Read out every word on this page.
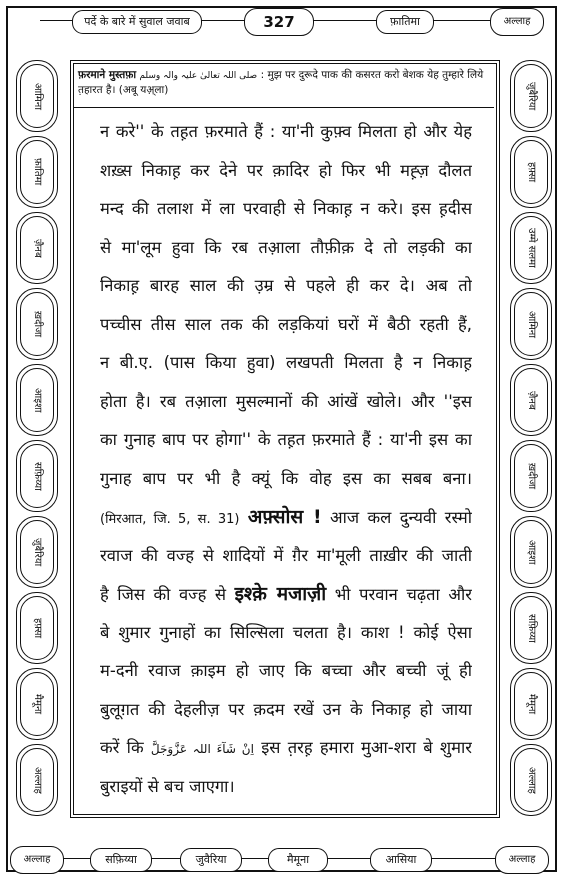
पर्दे के बारे में सुवाल जवाब	327	फ़ातिमा	अल्लाह
आमिना
फ़ातिमा
ज़ैनब
ख़दीजा
आइशा
सफ़िय्या
ज़ुबैरिया
हफ़्सा
मैमूना
अल्लाह
ज़ुबैरिया
हफ़्सा
उम्मे सलमा
आमिना
ज़ैनब
ख़दीजा
आइशा
सफ़िय्या
मैमूना
अल्लाह
फ़रमाने मुस्तफ़ा صلی اللہ تعالیٰ علیہ والہ وسلم : मुझ पर दुरूदे पाक की कसरत करो बेशक येह तुम्हारे लिये त़हारत है। (अबू यअ़्ला)
न करे'' के तह़त फ़रमाते हैं : या'नी कुफ़्व मिलता हो और येह
शख़्स निकाह़ कर देने पर क़ादिर हो फिर भी मह़्ज़ दौलत
मन्द की तलाश में ला परवाही से निकाह़ न करे। इस ह़दीस
से मा'लूम हुवा कि रब तआ़ला तौफ़ीक़ दे तो लड़की का
निकाह़ बारह साल की उ़म्र से पहले ही कर दे। अब तो
पच्चीस तीस साल तक की लड़कियां घरों में बैठी रहती हैं,
न बी.ए. (पास किया हुवा) लखपती मिलता है न निकाह़
होता है। रब तआ़ला मुसल्मानों की आंखें खोले। और ''इस
का गुनाह बाप पर होगा'' के तह़त फ़रमाते हैं : या'नी इस का
गुनाह बाप पर भी है क्यूं कि वोह इस का सबब बना।
(मिरआत, जि. 5, स. 31) अफ़्सोस ! आज कल दुन्यवी रस्मो
रवाज की वज्ह से शादियों में ग़ैर मा'मूली ताख़ीर की जाती
है जिस की वज्ह से इश्क़े मजाज़ी भी परवान चढ़ता और
बे शुमार गुनाहों का सिल्सिला चलता है। काश ! कोई ऐसा
म-दनी रवाज क़ाइम हो जाए कि बच्चा और बच्ची जूं ही
बुलूग़त की देहलीज़ पर क़दम रखें उन के निकाह़ हो जाया
करें कि اِنْ شَآءَ اللہ عَزَّوَجَلَّ इस त़रह़ हमारा मुआ-शरा बे शुमार
बुराइयों से बच जाएगा।
अल्लाह	सफ़िय्या	जुवैरिया	मैमूना	आसिया	अल्लाह
